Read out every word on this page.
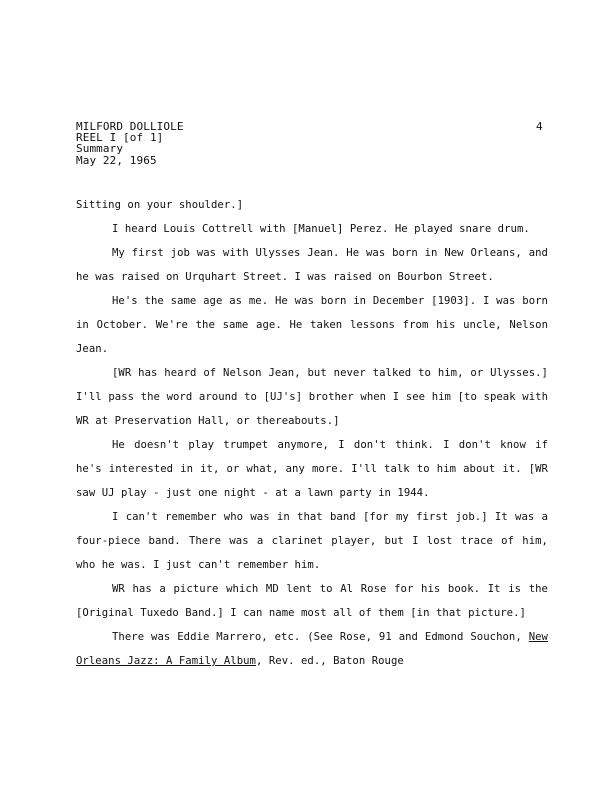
4
MILFORD DOLLIOLE
REEL I [of 1]
Summary
May 22, 1965

Sitting on your shoulder.]

I heard Louis Cottrell with [Manuel] Perez. He played snare drum.

My first job was with Ulysses Jean. He was born in New Orleans, and he was raised on Urquhart Street. I was raised on Bourbon Street.

He's the same age as me. He was born in December [1903]. I was born in October. We're the same age. He taken lessons from his uncle, Nelson Jean.

[WR has heard of Nelson Jean, but never talked to him, or Ulysses.] I'll pass the word around to [UJ's] brother when I see him [to speak with WR at Preservation Hall, or thereabouts.]

He doesn't play trumpet anymore, I don't think. I don't know if he's interested in it, or what, any more. I'll talk to him about it. [WR saw UJ play - just one night - at a lawn party in 1944.

I can't remember who was in that band [for my first job.] It was a four-piece band. There was a clarinet player, but I lost trace of him, who he was. I just can't remember him.

WR has a picture which MD lent to Al Rose for his book. It is the [Original Tuxedo Band.] I can name most all of them [in that picture.]

There was Eddie Marrero, etc. (See Rose, 91 and Edmond Souchon, New Orleans Jazz: A Family Album, Rev. ed., Baton Rouge
